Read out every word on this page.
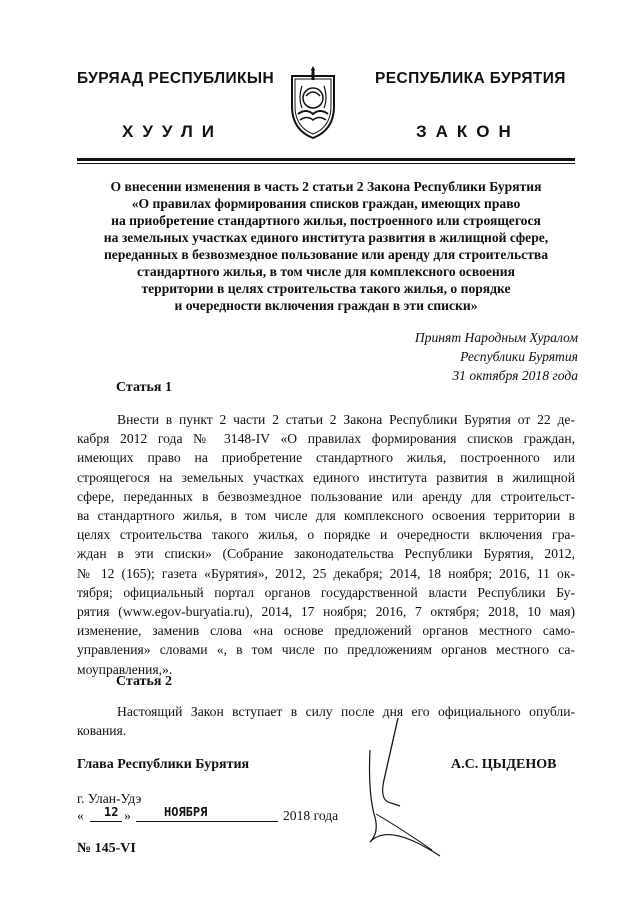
БУРЯАД РЕСПУБЛИКЫН	РЕСПУБЛИКА БУРЯТИЯ
ХУУЛИ	ЗАКОН
О внесении изменения в часть 2 статьи 2 Закона Республики Бурятия
«О правилах формирования списков граждан, имеющих право
на приобретение стандартного жилья, построенного или строящегося
на земельных участках единого института развития в жилищной сфере,
переданных в безвозмездное пользование или аренду для строительства
стандартного жилья, в том числе для комплексного освоения
территории в целях строительства такого жилья, о порядке
и очередности включения граждан в эти списки»
Принят Народным Хуралом
Республики Бурятия
31 октября 2018 года
Статья 1
Внести в пункт 2 части 2 статьи 2 Закона Республики Бурятия от 22 де-
кабря 2012 года № 3148-IV «О правилах формирования списков граждан,
имеющих право на приобретение стандартного жилья, построенного или
строящегося на земельных участках единого института развития в жилищной
сфере, переданных в безвозмездное пользование или аренду для строительст-
ва стандартного жилья, в том числе для комплексного освоения территории в
целях строительства такого жилья, о порядке и очередности включения гра-
ждан в эти списки» (Собрание законодательства Республики Бурятия, 2012,
№ 12 (165); газета «Бурятия», 2012, 25 декабря; 2014, 18 ноября; 2016, 11 ок-
тября; официальный портал органов государственной власти Республики Бу-
рятия (www.egov-buryatia.ru), 2014, 17 ноября; 2016, 7 октября; 2018, 10 мая)
изменение, заменив слова «на основе предложений органов местного само-
управления» словами «, в том числе по предложениям органов местного са-
моуправления,».
Статья 2
Настоящий Закон вступает в силу после дня его официального опубли-
кования.
Глава Республики Бурятия	А.С. ЦЫДЕНОВ
г. Улан-Удэ
« 12 »	НОЯБРЯ	2018 года
№ 145-VI
